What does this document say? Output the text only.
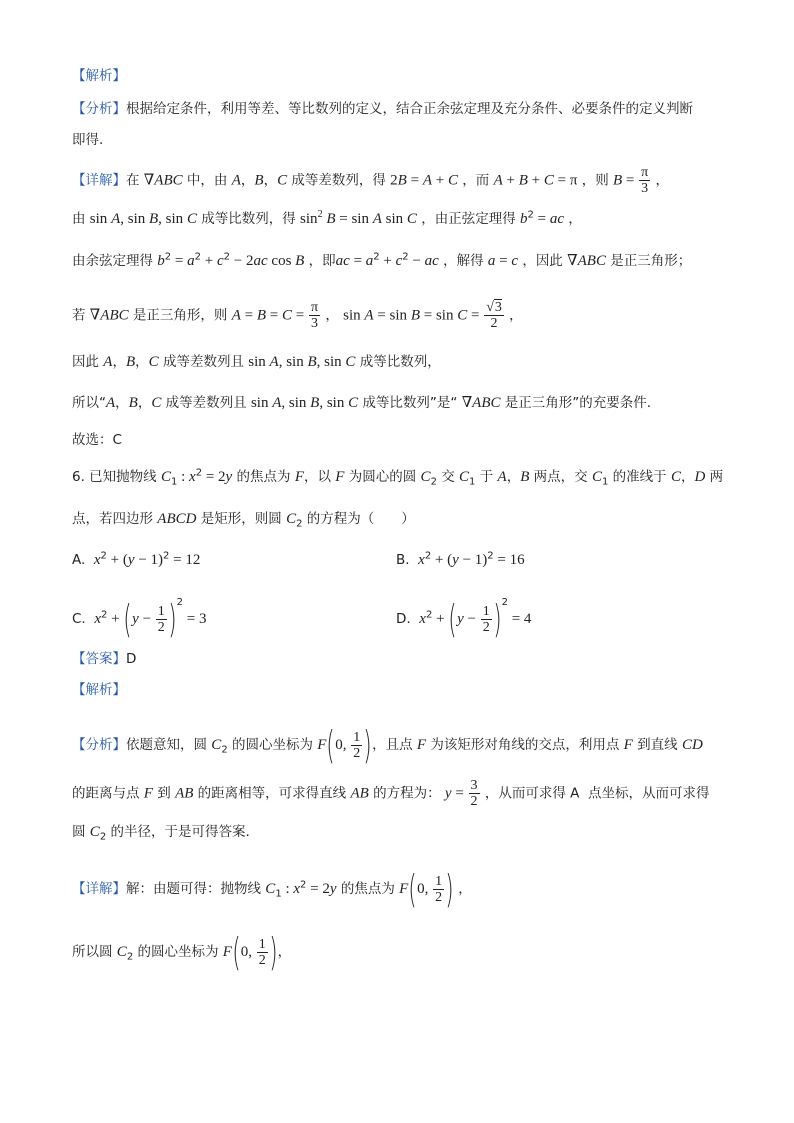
【解析】
【分析】根据给定条件，利用等差、等比数列的定义，结合正余弦定理及充分条件、必要条件的定义判断
即得.
【详解】在 ∇ABC 中，由 A，B，C 成等差数列，得 2B = A + C ，而 A + B + C = π ，则 $B = \frac{\pi}{3}$ ，
由 sin A, sin B, sin C 成等比数列，得 $\sin^2 B = \sin A$ sin C ，由正弦定理得 $b^2$ = ac ，
由余弦定理得 $b^2 = a^2 + c^2 - 2ac$ cos B ，即ac = $a^2 + c^2$ − ac ，解得 a = c ，因此 ∇ABC 是正三角形；
若 ∇ABC 是正三角形，则 $A = B = C = \frac{\pi}{3}$ ， $\sin A = \sin B = \sin C = \frac{√3}{2}$ ，
因此 A，B，C 成等差数列且 sin A, sin B, sin C 成等比数列，
所以“A，B，C 成等差数列且 sin A, sin B, sin C 成等比数列”是“ ∇ABC 是正三角形”的充要条件.
故选：C
6. 已知抛物线 $C_1$ : $x^2 = 2y$ 的焦点为 F，以 F 为圆心的圆 $C_2$ 交 $C_1$ 于 A，B 两点，交 $C_1$ 的准线于 C，D 两
点，若四边形 ABCD 是矩形，则圆 $C_2$ 的方程为（　　）
A.  $x^2 + (y - 1)^2 = 12$	B.  $x^2 + (y - 1)^2 = 16$
C.  $x^2 + (y - \frac{1}{2} )^2 = 3$	D.  $x^2 + (y - \frac{1}{2} )^2 = 4$
【答案】D
【解析】
【分析】依题意知，圆 $C_2$ 的圆心坐标为 F(0, $\frac{1}{2}$ )，且点 F 为该矩形对角线的交点，利用点 F 到直线 CD
的距离与点 F 到 AB 的距离相等，可求得直线 AB 的方程为： $y = \frac{3}{2}$ ，从而可求得 A  点坐标，从而可求得
圆 $C_2$ 的半径，于是可得答案.
【详解】解：由题可得：抛物线 $C_1$ : $x^2 = 2y$ 的焦点为 F(0, $\frac{1}{2}$ ) ，
所以圆 $C_2$ 的圆心坐标为 F(0, $\frac{1}{2}$ )，
